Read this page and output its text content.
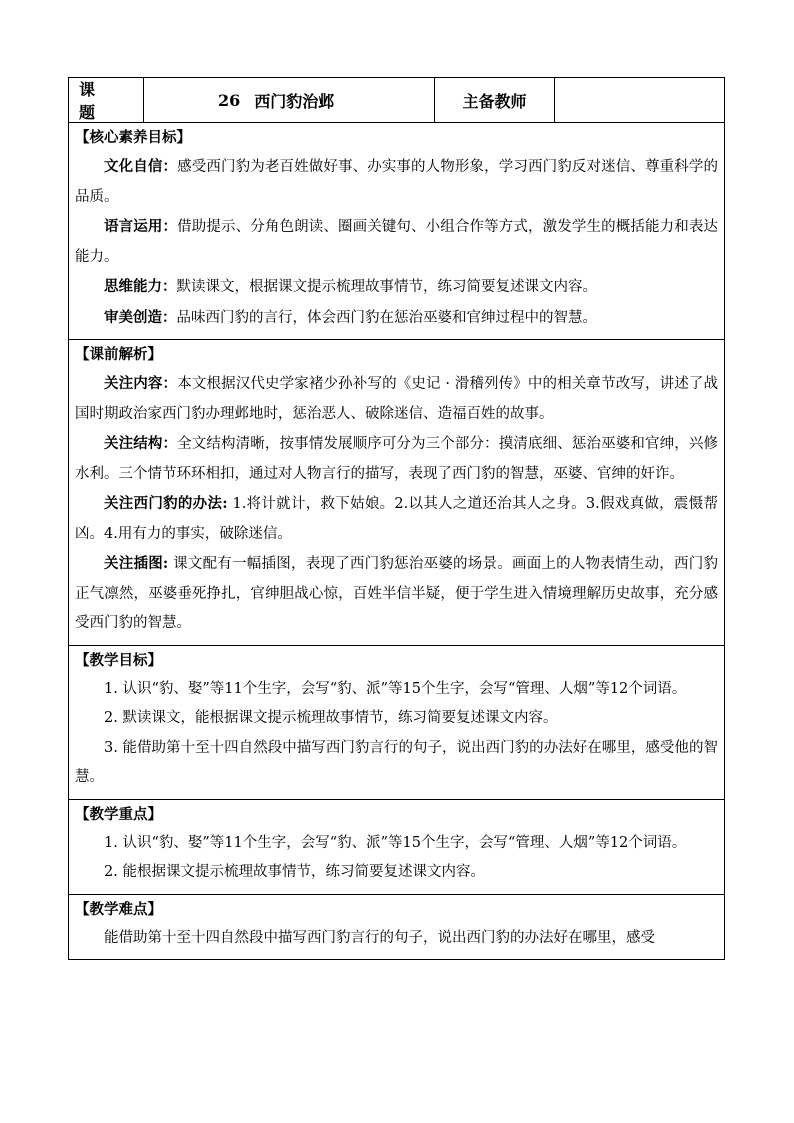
课 题
26 西门豹治邺	主备教师
【核心素养目标】

文化自信：感受西门豹为老百姓做好事、办实事的人物形象，学习西门豹反对迷信、尊重科学的品质。

语言运用：借助提示、分角色朗读、圈画关键句、小组合作等方式，激发学生的概括能力和表达能力。

思维能力：默读课文，根据课文提示梳理故事情节，练习简要复述课文内容。

审美创造：品味西门豹的言行，体会西门豹在惩治巫婆和官绅过程中的智慧。

【课前解析】

关注内容：本文根据汉代史学家褚少孙补写的《史记 · 滑稽列传》中的相关章节改写，讲述了战国时期政治家西门豹办理邺地时，惩治恶人、破除迷信、造福百姓的故事。

关注结构：全文结构清晰，按事情发展顺序可分为三个部分：摸清底细、惩治巫婆和官绅，兴修水利。三个情节环环相扣，通过对人物言行的描写，表现了西门豹的智慧，巫婆、官绅的奸诈。

关注西门豹的办法: 1.将计就计，救下姑娘。2.以其人之道还治其人之身。3.假戏真做，震慑帮凶。4.用有力的事实，破除迷信。

关注插图: 课文配有一幅插图，表现了西门豹惩治巫婆的场景。画面上的人物表情生动，西门豹正气凛然，巫婆垂死挣扎，官绅胆战心惊，百姓半信半疑，便于学生进入情境理解历史故事，充分感受西门豹的智慧。

【教学目标】

1. 认识“豹、娶”等11个生字，会写“豹、派”等15个生字，会写“管理、人烟”等12个词语。

2. 默读课文，能根据课文提示梳理故事情节，练习简要复述课文内容。

3. 能借助第十至十四自然段中描写西门豹言行的句子，说出西门豹的办法好在哪里，感受他的智慧。

【教学重点】

1. 认识“豹、娶”等11个生字，会写“豹、派”等15个生字，会写“管理、人烟”等12个词语。

2. 能根据课文提示梳理故事情节，练习简要复述课文内容。

【教学难点】

能借助第十至十四自然段中描写西门豹言行的句子，说出西门豹的办法好在哪里，感受
